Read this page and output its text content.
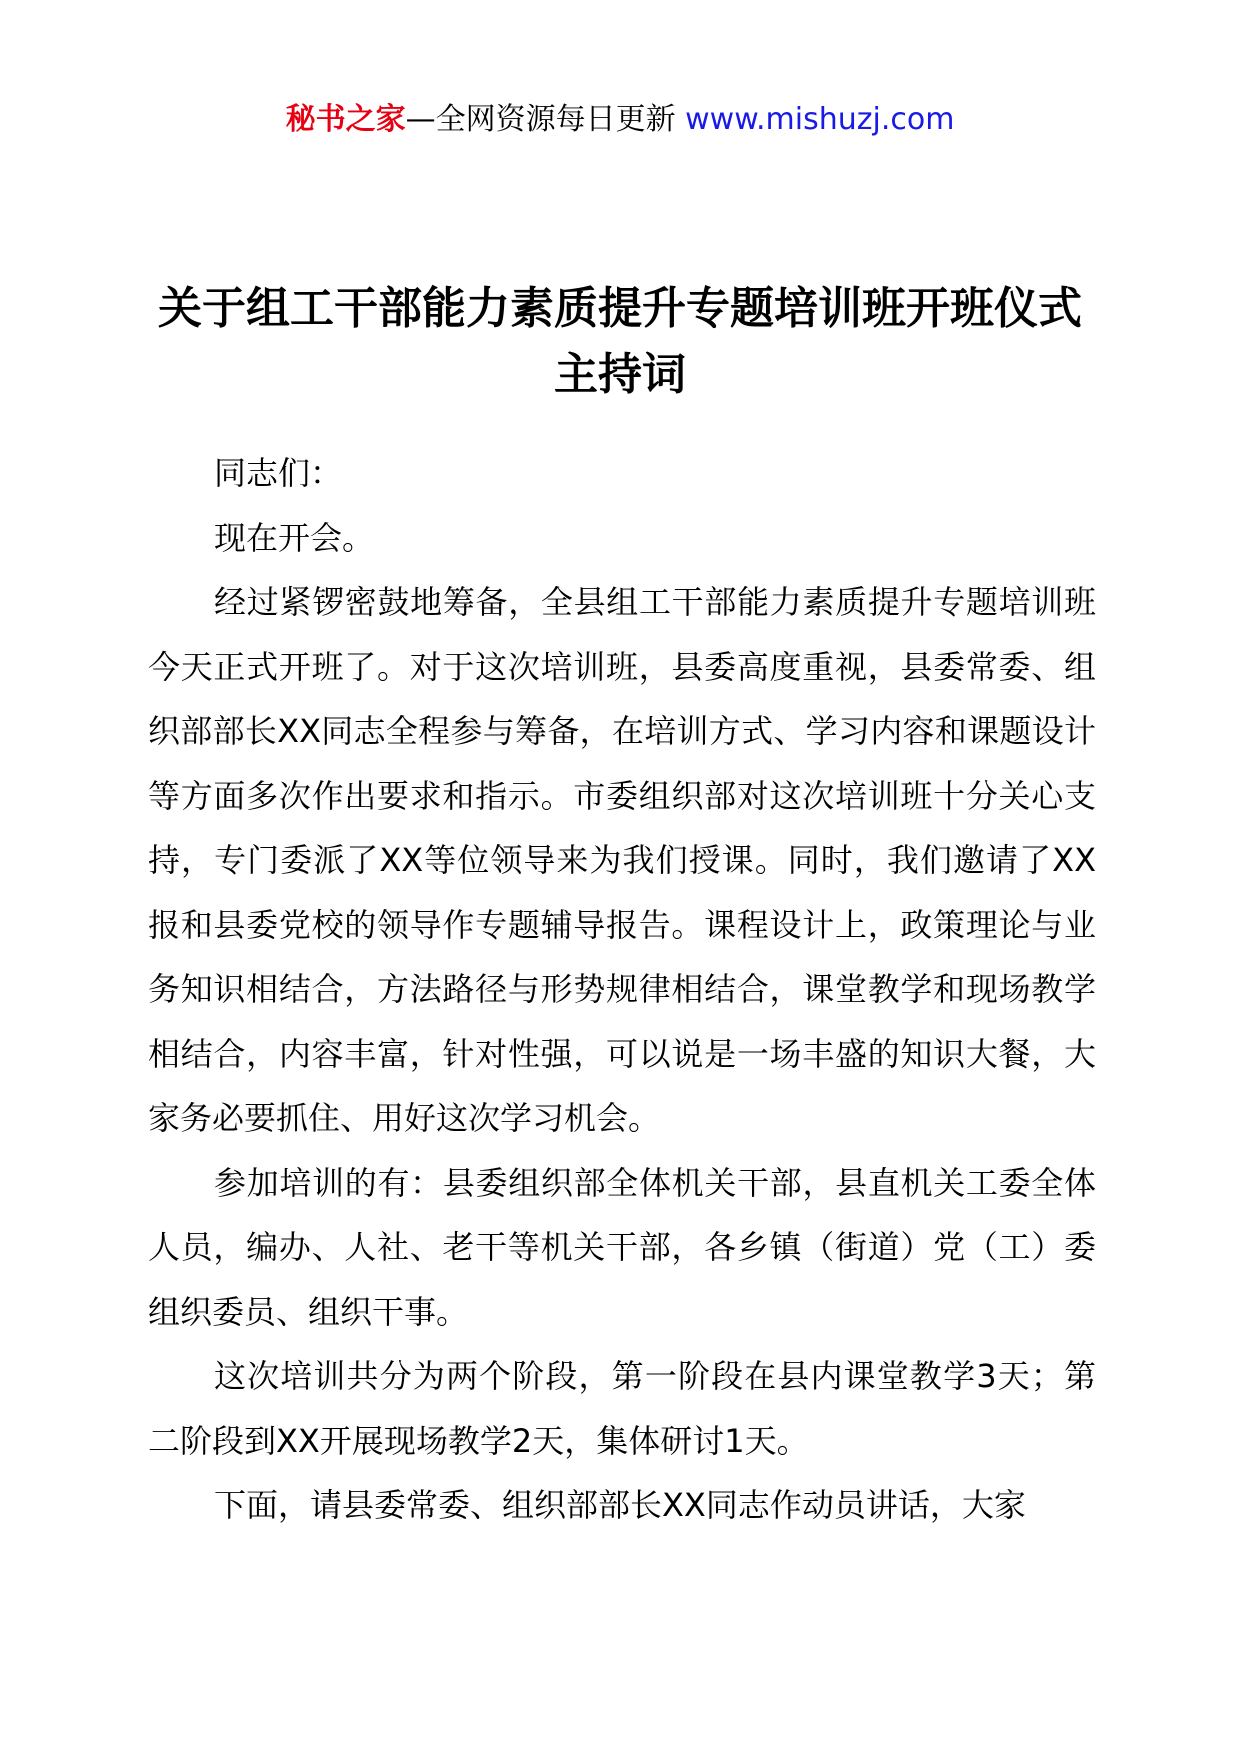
秘书之家—全网资源每日更新 www.mishuzj.com
关于组工干部能力素质提升专题培训班开班仪式主持词

同志们：

现在开会。

经过紧锣密鼓地筹备，全县组工干部能力素质提升专题培训班今天正式开班了。对于这次培训班，县委高度重视，县委常委、组织部部长XX同志全程参与筹备，在培训方式、学习内容和课题设计等方面多次作出要求和指示。市委组织部对这次培训班十分关心支持，专门委派了XX等位领导来为我们授课。同时，我们邀请了XX报和县委党校的领导作专题辅导报告。课程设计上，政策理论与业务知识相结合，方法路径与形势规律相结合，课堂教学和现场教学相结合，内容丰富，针对性强，可以说是一场丰盛的知识大餐，大家务必要抓住、用好这次学习机会。

参加培训的有：县委组织部全体机关干部，县直机关工委全体人员，编办、人社、老干等机关干部，各乡镇（街道）党（工）委组织委员、组织干事。

这次培训共分为两个阶段，第一阶段在县内课堂教学3天；第二阶段到XX开展现场教学2天，集体研讨1天。

下面，请县委常委、组织部部长XX同志作动员讲话，大家
